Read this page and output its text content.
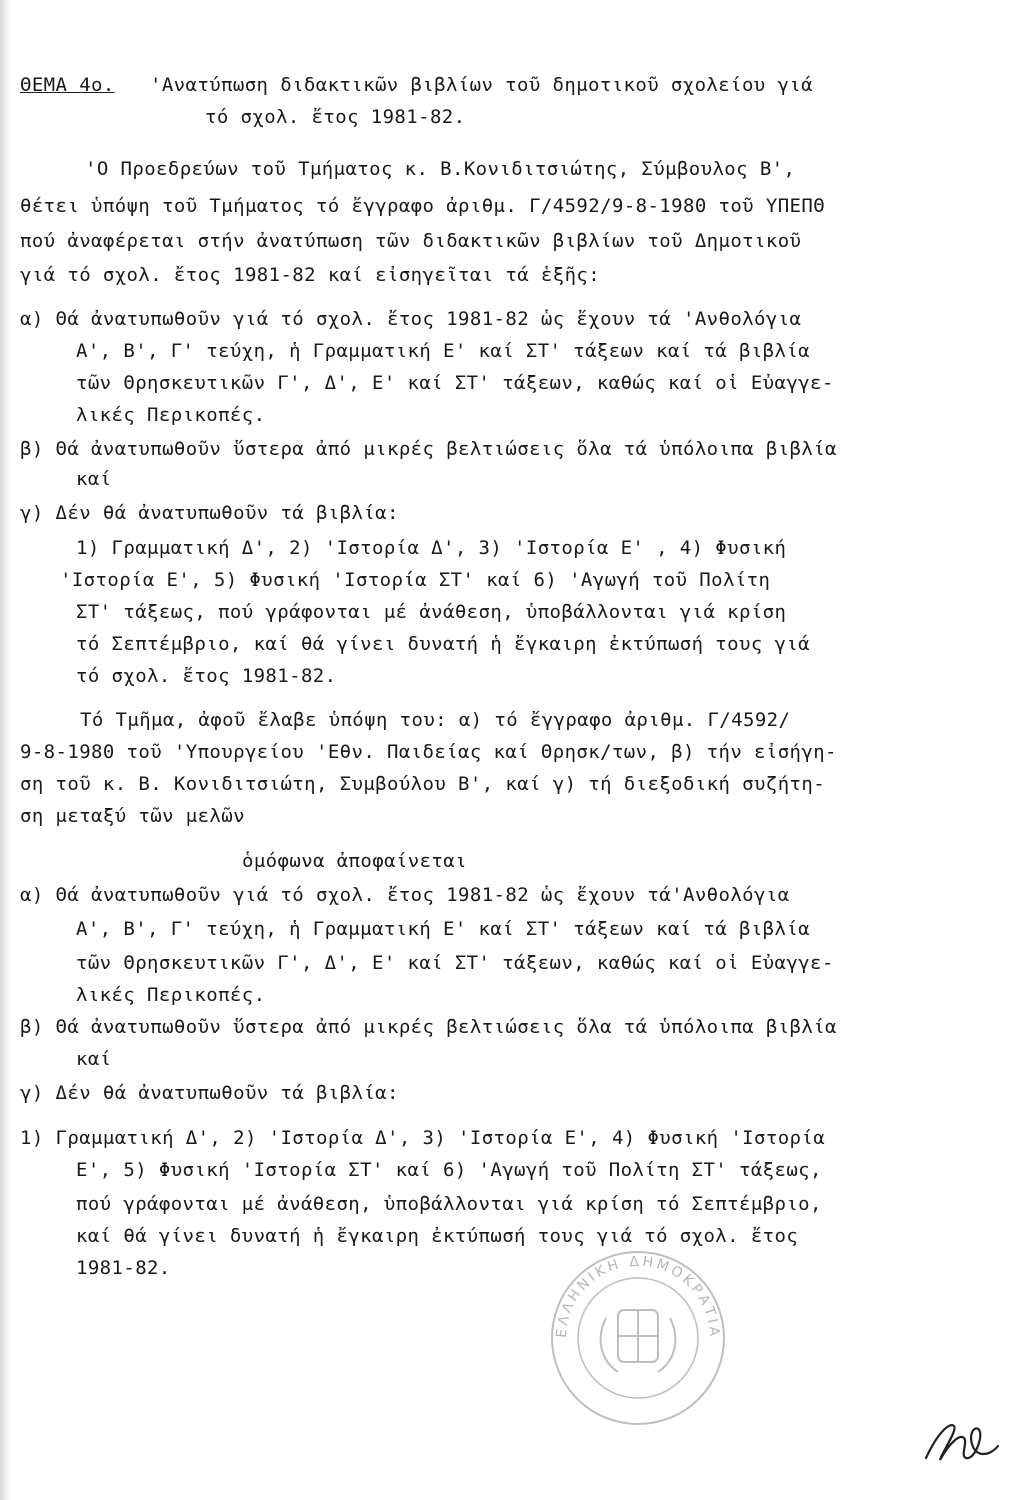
ΘΕΜΑ 4ο. 'Ανατύπωση διδακτικῶν βιβλίων τοῦ δημοτικοῦ σχολείου γιά
τό σχολ. ἔτος 1981-82.
'Ο Προεδρεύων τοῦ Τμήματος κ. Β.Κονιδιτσιώτης, Σύμβουλος Β',
θέτει ὑπόψη τοῦ Τμήματος τό ἔγγραφο ἀριθμ. Γ/4592/9-8-1980 τοῦ ΥΠΕΠΘ
πού ἀναφέρεται στήν ἀνατύπωση τῶν διδακτικῶν βιβλίων τοῦ Δημοτικοῦ
γιά τό σχολ. ἔτος 1981-82 καί εἰσηγεῖται τά ἑξῆς:
α) Θά ἀνατυπωθοῦν γιά τό σχολ. ἔτος 1981-82 ὡς ἔχουν τά 'Ανθολόγια
Α', Β', Γ' τεύχη, ἡ Γραμματική Ε' καί ΣΤ' τάξεων καί τά βιβλία
τῶν Θρησκευτικῶν Γ', Δ', Ε' καί ΣΤ' τάξεων, καθώς καί οἱ Εὐαγγε-
λικές Περικοπές.
β) Θά ἀνατυπωθοῦν ὕστερα ἀπό μικρές βελτιώσεις ὅλα τά ὑπόλοιπα βιβλία
καί
γ) Δέν θά ἀνατυπωθοῦν τά βιβλία:
1) Γραμματική Δ', 2) 'Ιστορία Δ', 3) 'Ιστορία Ε' , 4) Φυσική
'Ιστορία Ε', 5) Φυσική 'Ιστορία ΣΤ' καί 6) 'Αγωγή τοῦ Πολίτη
ΣΤ' τάξεως, πού γράφονται μέ ἀνάθεση, ὑποβάλλονται γιά κρίση
τό Σεπτέμβριο, καί θά γίνει δυνατή ἡ ἔγκαιρη ἐκτύπωσή τους γιά
τό σχολ. ἔτος 1981-82.
Τό Τμῆμα, ἀφοῦ ἔλαβε ὑπόψη του: α) τό ἔγγραφο ἀριθμ. Γ/4592/
9-8-1980 τοῦ 'Υπουργείου 'Εθν. Παιδείας καί Θρησκ/των, β) τήν εἰσήγη-
ση τοῦ κ. Β. Κονιδιτσιώτη, Συμβούλου Β', καί γ) τή διεξοδική συζήτη-
ση μεταξύ τῶν μελῶν
ὁμόφωνα ἀποφαίνεται
α) Θά ἀνατυπωθοῦν γιά τό σχολ. ἔτος 1981-82 ὡς ἔχουν τά'Ανθολόγια
Α', Β', Γ' τεύχη, ἡ Γραμματική Ε' καί ΣΤ' τάξεων καί τά βιβλία
τῶν Θρησκευτικῶν Γ', Δ', Ε' καί ΣΤ' τάξεων, καθώς καί οἱ Εὐαγγε-
λικές Περικοπές.
β) Θά ἀνατυπωθοῦν ὕστερα ἀπό μικρές βελτιώσεις ὅλα τά ὑπόλοιπα βιβλία
καί
γ) Δέν θά ἀνατυπωθοῦν τά βιβλία:
1) Γραμματική Δ', 2) 'Ιστορία Δ', 3) 'Ιστορία Ε', 4) Φυσική 'Ιστορία
Ε', 5) Φυσική 'Ιστορία ΣΤ' καί 6) 'Αγωγή τοῦ Πολίτη ΣΤ' τάξεως,
πού γράφονται μέ ἀνάθεση, ὑποβάλλονται γιά κρίση τό Σεπτέμβριο,
καί θά γίνει δυνατή ἡ ἔγκαιρη ἐκτύπωσή τους γιά τό σχολ. ἔτος
1981-82.
ΕΛΛΗΝΙΚΗ ΔΗΜΟΚΡΑΤΙΑ
